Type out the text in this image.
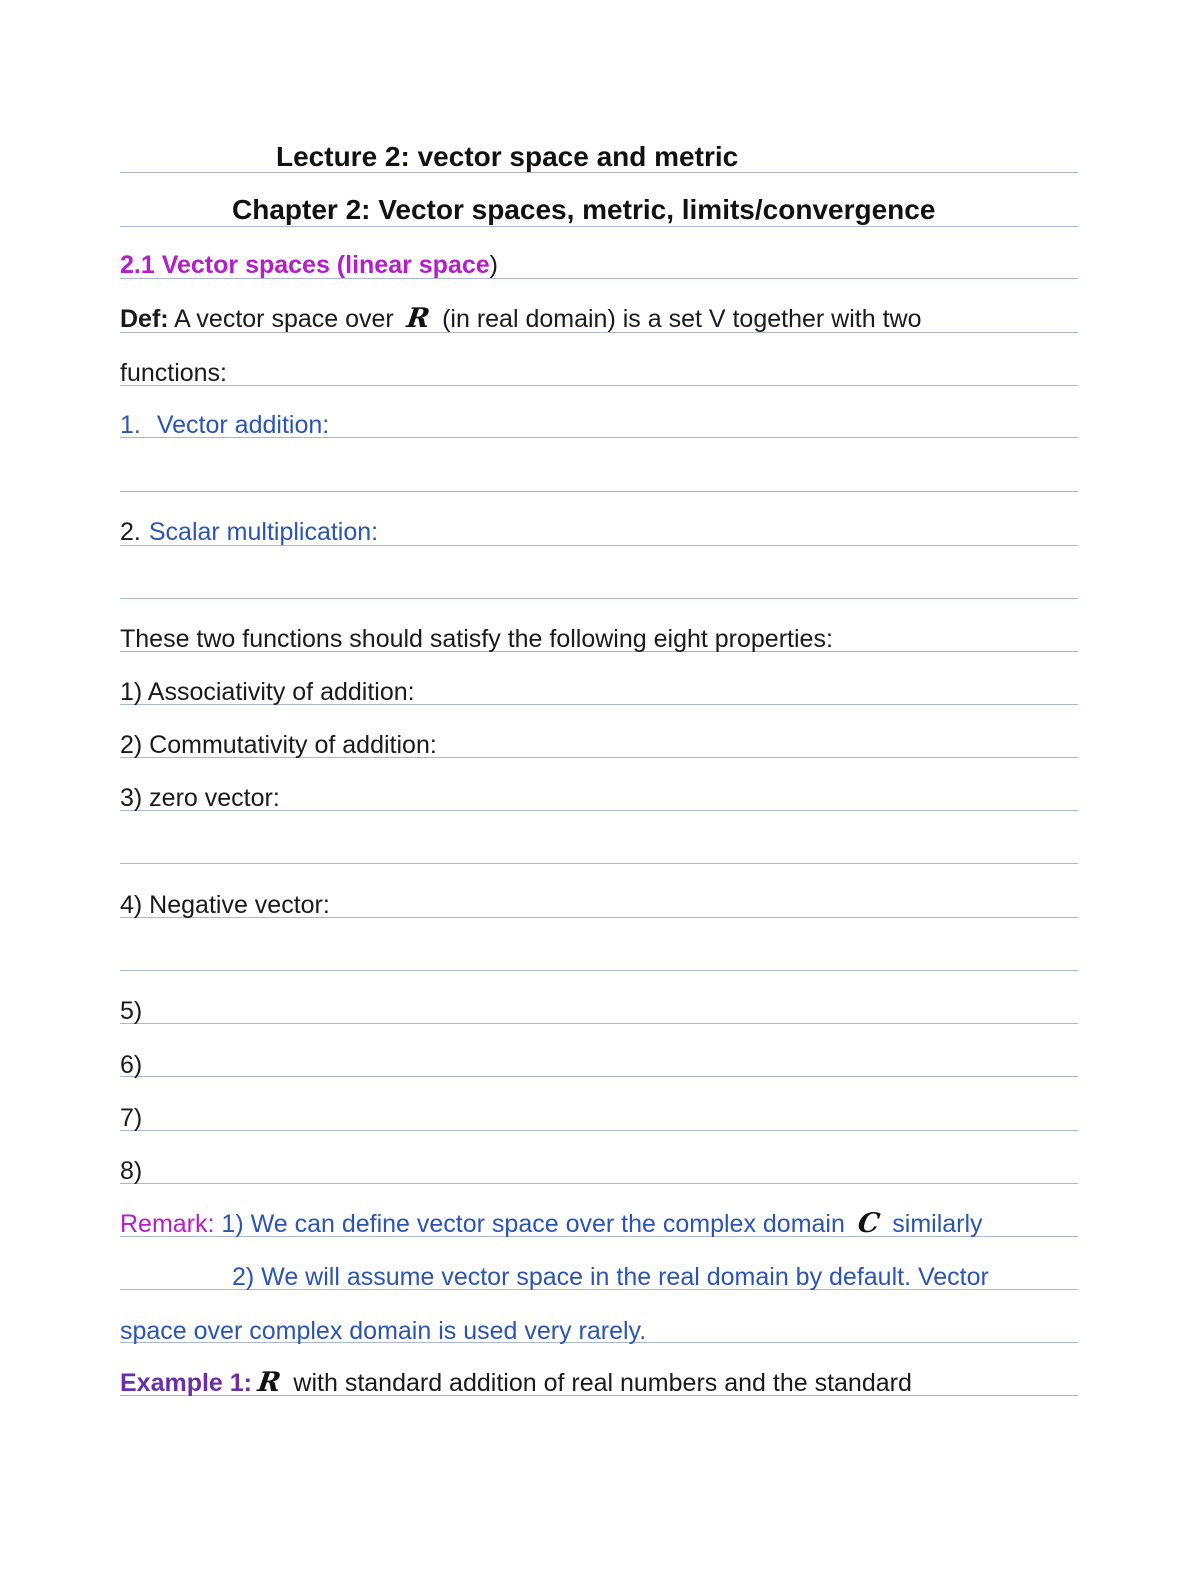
Lecture 2: vector space and metric
Chapter 2: Vector spaces, metric, limits/convergence
2.1 Vector spaces (linear space)
Def: A vector space over R (in real domain) is a set V together with two
functions:
1. Vector addition:
2. Scalar multiplication:
These two functions should satisfy the following eight properties:
1) Associativity of addition:
2) Commutativity of addition:
3) zero vector:
4) Negative vector:
5)
6)
7)
8)
Remark: 1) We can define vector space over the complex domain C similarly
2) We will assume vector space in the real domain by default. Vector
space over complex domain is used very rarely.
Example 1: R with standard addition of real numbers and the standard
